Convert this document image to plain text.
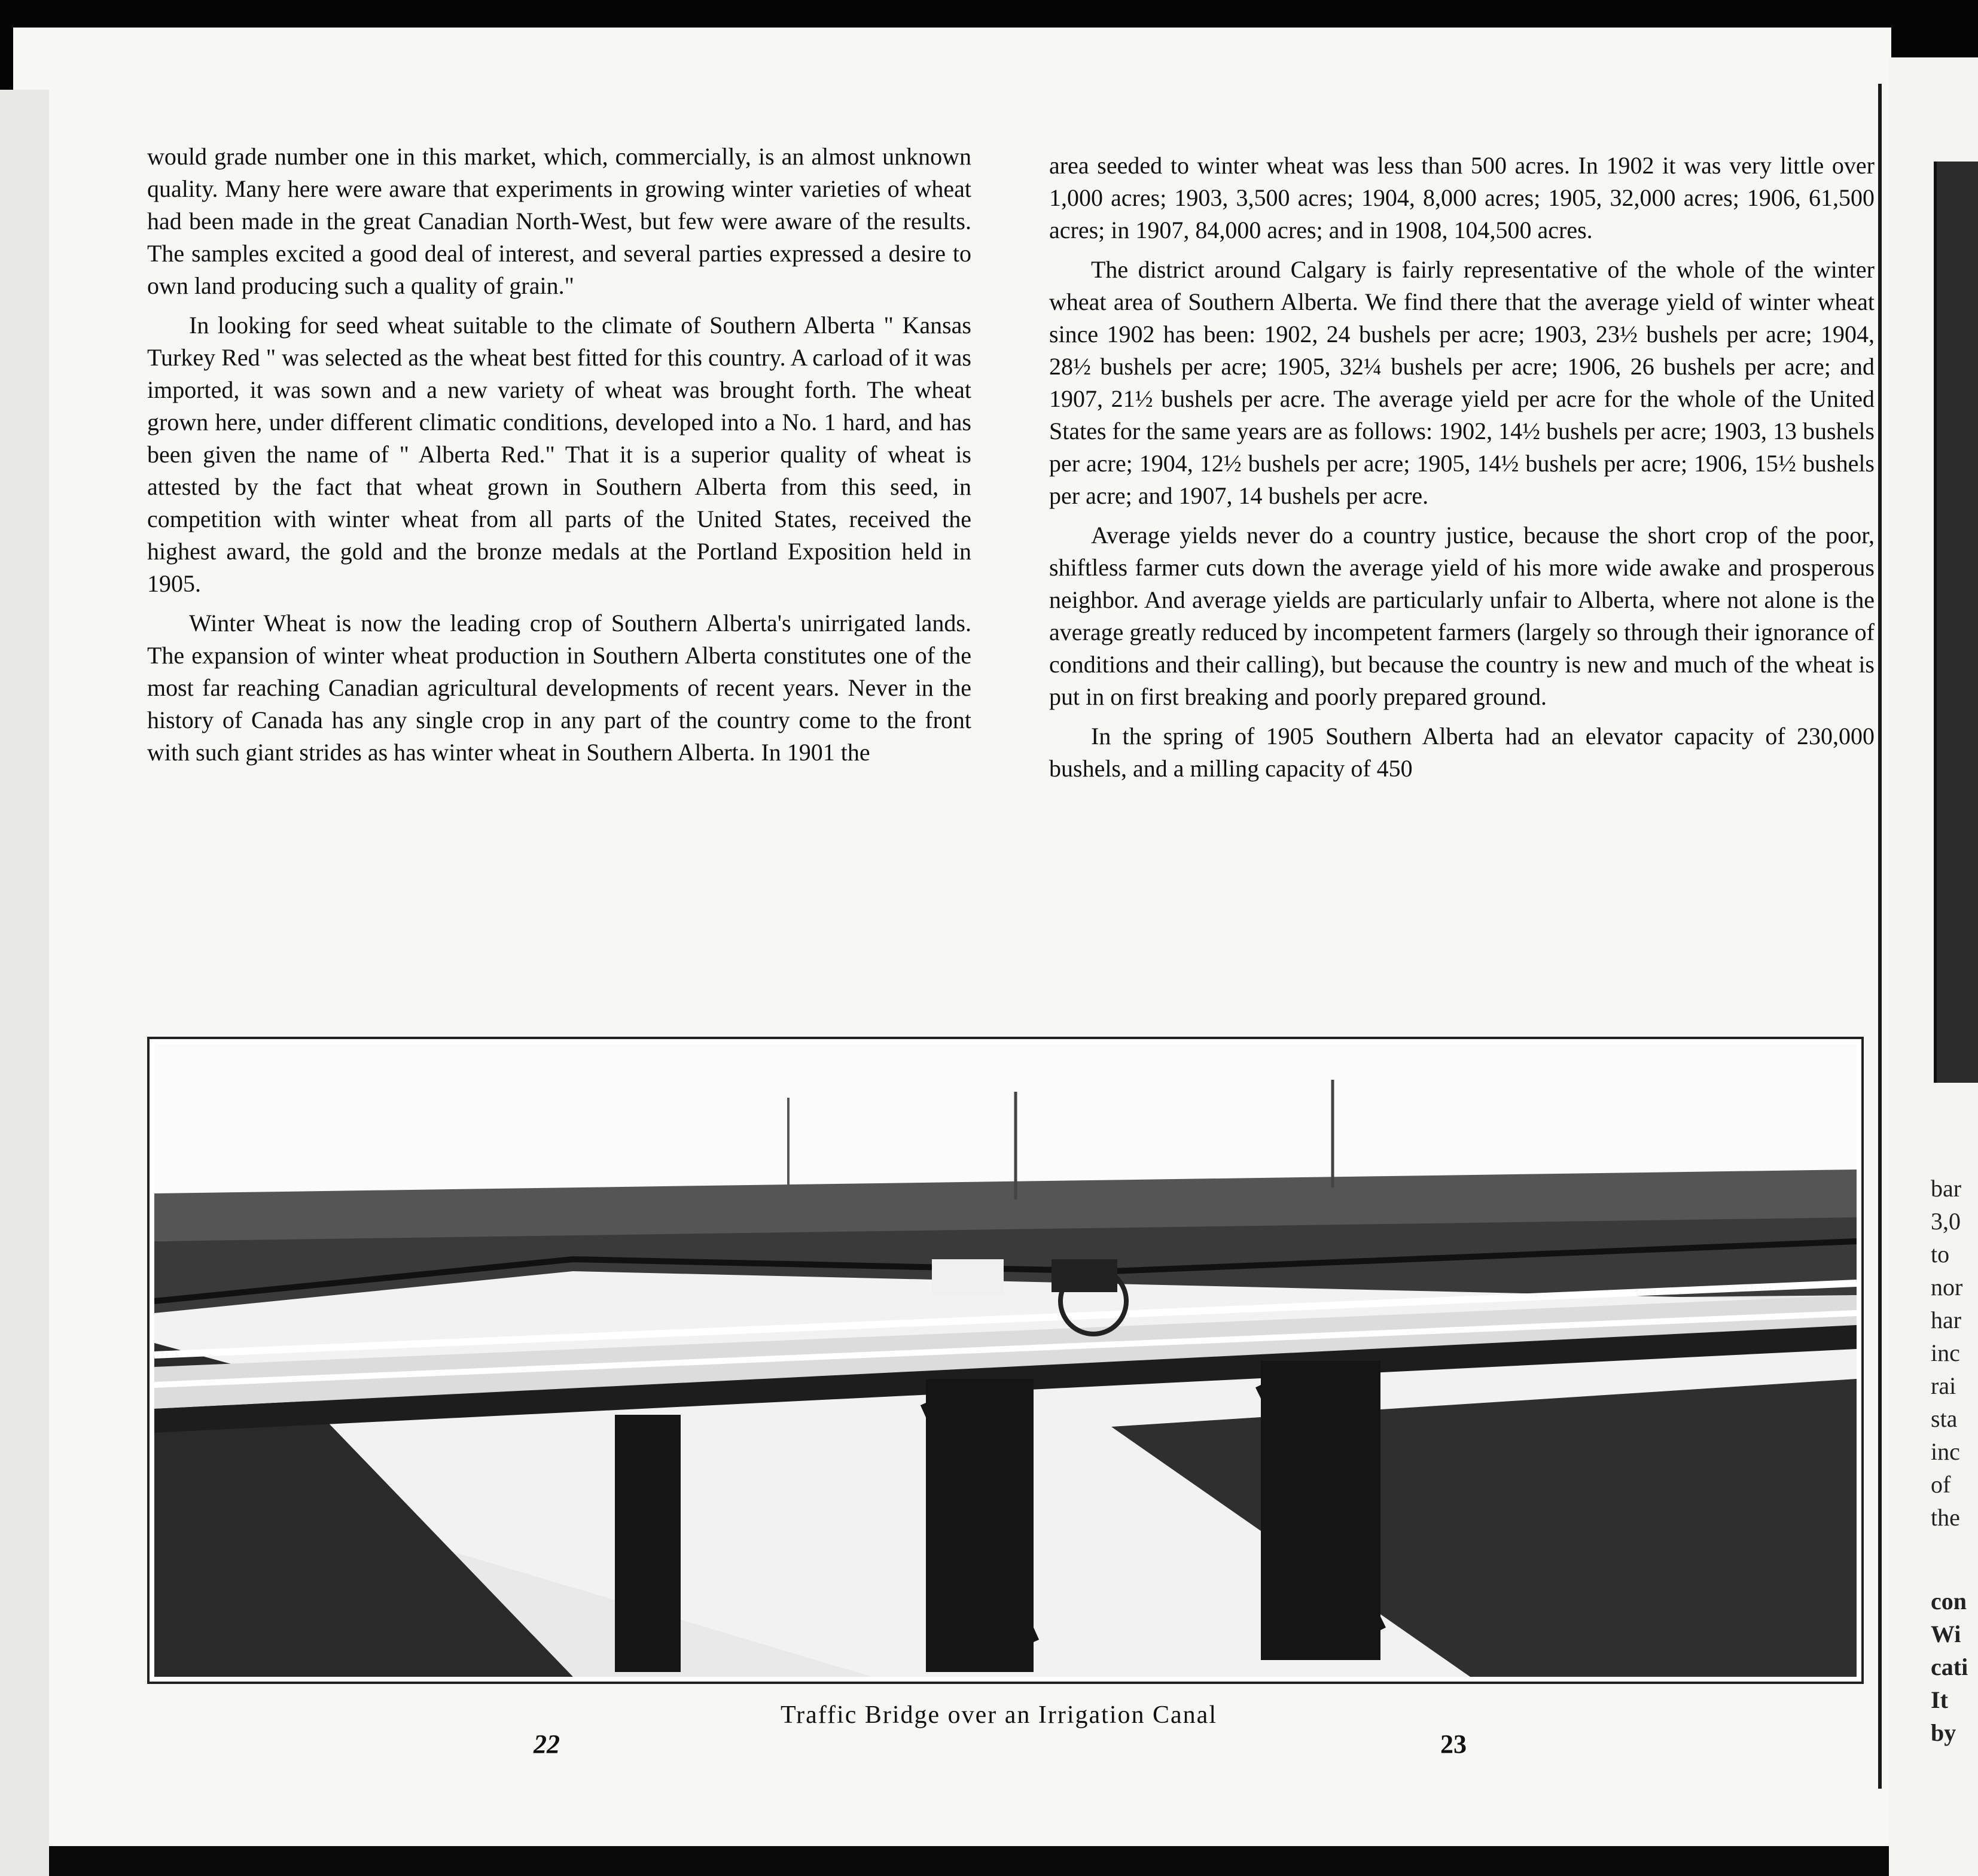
would grade number one in this market, which, commercially, is an almost unknown quality. Many here were aware that experiments in growing winter varieties of wheat had been made in the great Canadian North-West, but few were aware of the results. The samples excited a good deal of interest, and several parties expressed a desire to own land producing such a quality of grain."

In looking for seed wheat suitable to the climate of Southern Alberta " Kansas Turkey Red " was selected as the wheat best fitted for this country. A carload of it was imported, it was sown and a new variety of wheat was brought forth. The wheat grown here, under different climatic conditions, developed into a No. 1 hard, and has been given the name of " Alberta Red." That it is a superior quality of wheat is attested by the fact that wheat grown in Southern Alberta from this seed, in competition with winter wheat from all parts of the United States, received the highest award, the gold and the bronze medals at the Portland Exposition held in 1905.

Winter Wheat is now the leading crop of Southern Alberta's unirrigated lands. The expansion of winter wheat production in Southern Alberta constitutes one of the most far reaching Canadian agricultural developments of recent years. Never in the history of Canada has any single crop in any part of the country come to the front with such giant strides as has winter wheat in Southern Alberta. In 1901 the

area seeded to winter wheat was less than 500 acres. In 1902 it was very little over 1,000 acres; 1903, 3,500 acres; 1904, 8,000 acres; 1905, 32,000 acres; 1906, 61,500 acres; in 1907, 84,000 acres; and in 1908, 104,500 acres.

The district around Calgary is fairly representative of the whole of the winter wheat area of Southern Alberta. We find there that the average yield of winter wheat since 1902 has been: 1902, 24 bushels per acre; 1903, 23½ bushels per acre; 1904, 28½ bushels per acre; 1905, 32¼ bushels per acre; 1906, 26 bushels per acre; and 1907, 21½ bushels per acre. The average yield per acre for the whole of the United States for the same years are as follows: 1902, 14½ bushels per acre; 1903, 13 bushels per acre; 1904, 12½ bushels per acre; 1905, 14½ bushels per acre; 1906, 15½ bushels per acre; and 1907, 14 bushels per acre.

Average yields never do a country justice, because the short crop of the poor, shiftless farmer cuts down the average yield of his more wide awake and prosperous neighbor. And average yields are particularly unfair to Alberta, where not alone is the average greatly reduced by incompetent farmers (largely so through their ignorance of conditions and their calling), but because the country is new and much of the wheat is put in on first breaking and poorly prepared ground.

In the spring of 1905 Southern Alberta had an elevator capacity of 230,000 bushels, and a milling capacity of 450

Traffic Bridge over an Irrigation Canal
22	23
bar
3,0
to
nor
har
inc
rai
sta
inc
of
the
con
Wi
cati
It
by
